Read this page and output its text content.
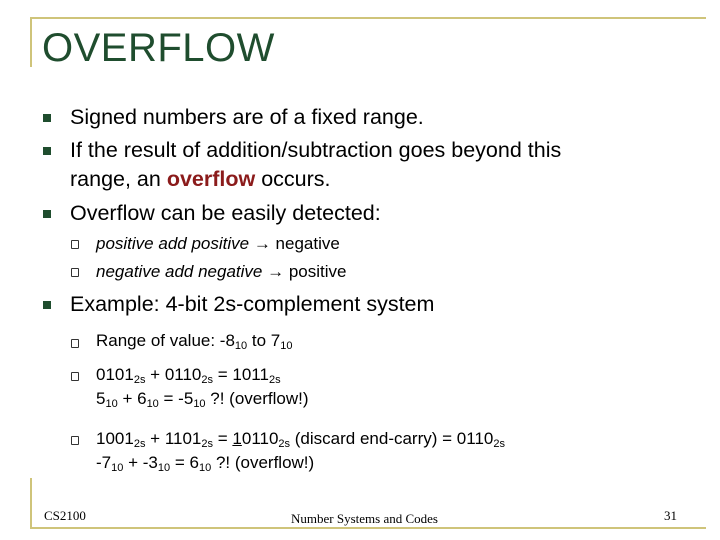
OVERFLOW
Signed numbers are of a fixed range.
If the result of addition/subtraction goes beyond this
range, an overflow occurs.
Overflow can be easily detected:
positive add positive → negative
negative add negative → positive
Example: 4-bit 2s-complement system
Range of value: $-8_{10}$ to $7_{10}$
$0101_{2s} + 0110_{2s} = 1011_{2s}$
$5_{10} + 6_{10} = -5_{10}$ ?! (overflow!)
$1001_{2s} + 1101_{2s} = 10110_{2s}$ (discard end-carry) = $0110_{2s}$
$-7_{10} + -3_{10} = 6_{10}$ ?! (overflow!)
CS2100	Number Systems and Codes	31
